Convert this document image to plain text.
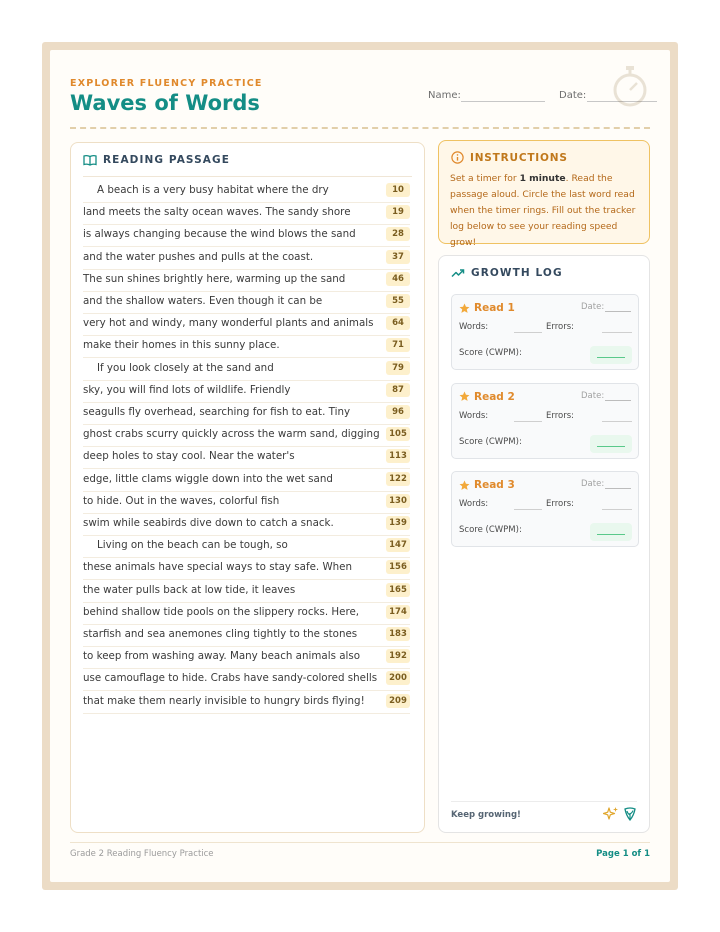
EXPLORER FLUENCY PRACTICE
Waves of Words	Name:	Date:
READING PASSAGE
A beach is a very busy habitat where the dry	10
land meets the salty ocean waves. The sandy shore	19
is always changing because the wind blows the sand	28
and the water pushes and pulls at the coast.	37
The sun shines brightly here, warming up the sand	46
and the shallow waters. Even though it can be	55
very hot and windy, many wonderful plants and animals	64
make their homes in this sunny place.	71
If you look closely at the sand and	79
sky, you will find lots of wildlife. Friendly	87
seagulls fly overhead, searching for fish to eat. Tiny	96
ghost crabs scurry quickly across the warm sand, digging	105
deep holes to stay cool. Near the water's	113
edge, little clams wiggle down into the wet sand	122
to hide. Out in the waves, colorful fish	130
swim while seabirds dive down to catch a snack.	139
Living on the beach can be tough, so	147
these animals have special ways to stay safe. When	156
the water pulls back at low tide, it leaves	165
behind shallow tide pools on the slippery rocks. Here,	174
starfish and sea anemones cling tightly to the stones	183
to keep from washing away. Many beach animals also	192
use camouflage to hide. Crabs have sandy-colored shells	200
that make them nearly invisible to hungry birds flying!	209
INSTRUCTIONS
Set a timer for 1 minute. Read the passage aloud. Circle the last word read when the timer rings. Fill out the tracker log below to see your reading speed grow!
GROWTH LOG
Read 1	Date:
Words:	Errors:
Score (CWPM):
Read 2	Date:
Words:	Errors:
Score (CWPM):
Read 3	Date:
Words:	Errors:
Score (CWPM):
Keep growing!
Grade 2 Reading Fluency Practice	Page 1 of 1
